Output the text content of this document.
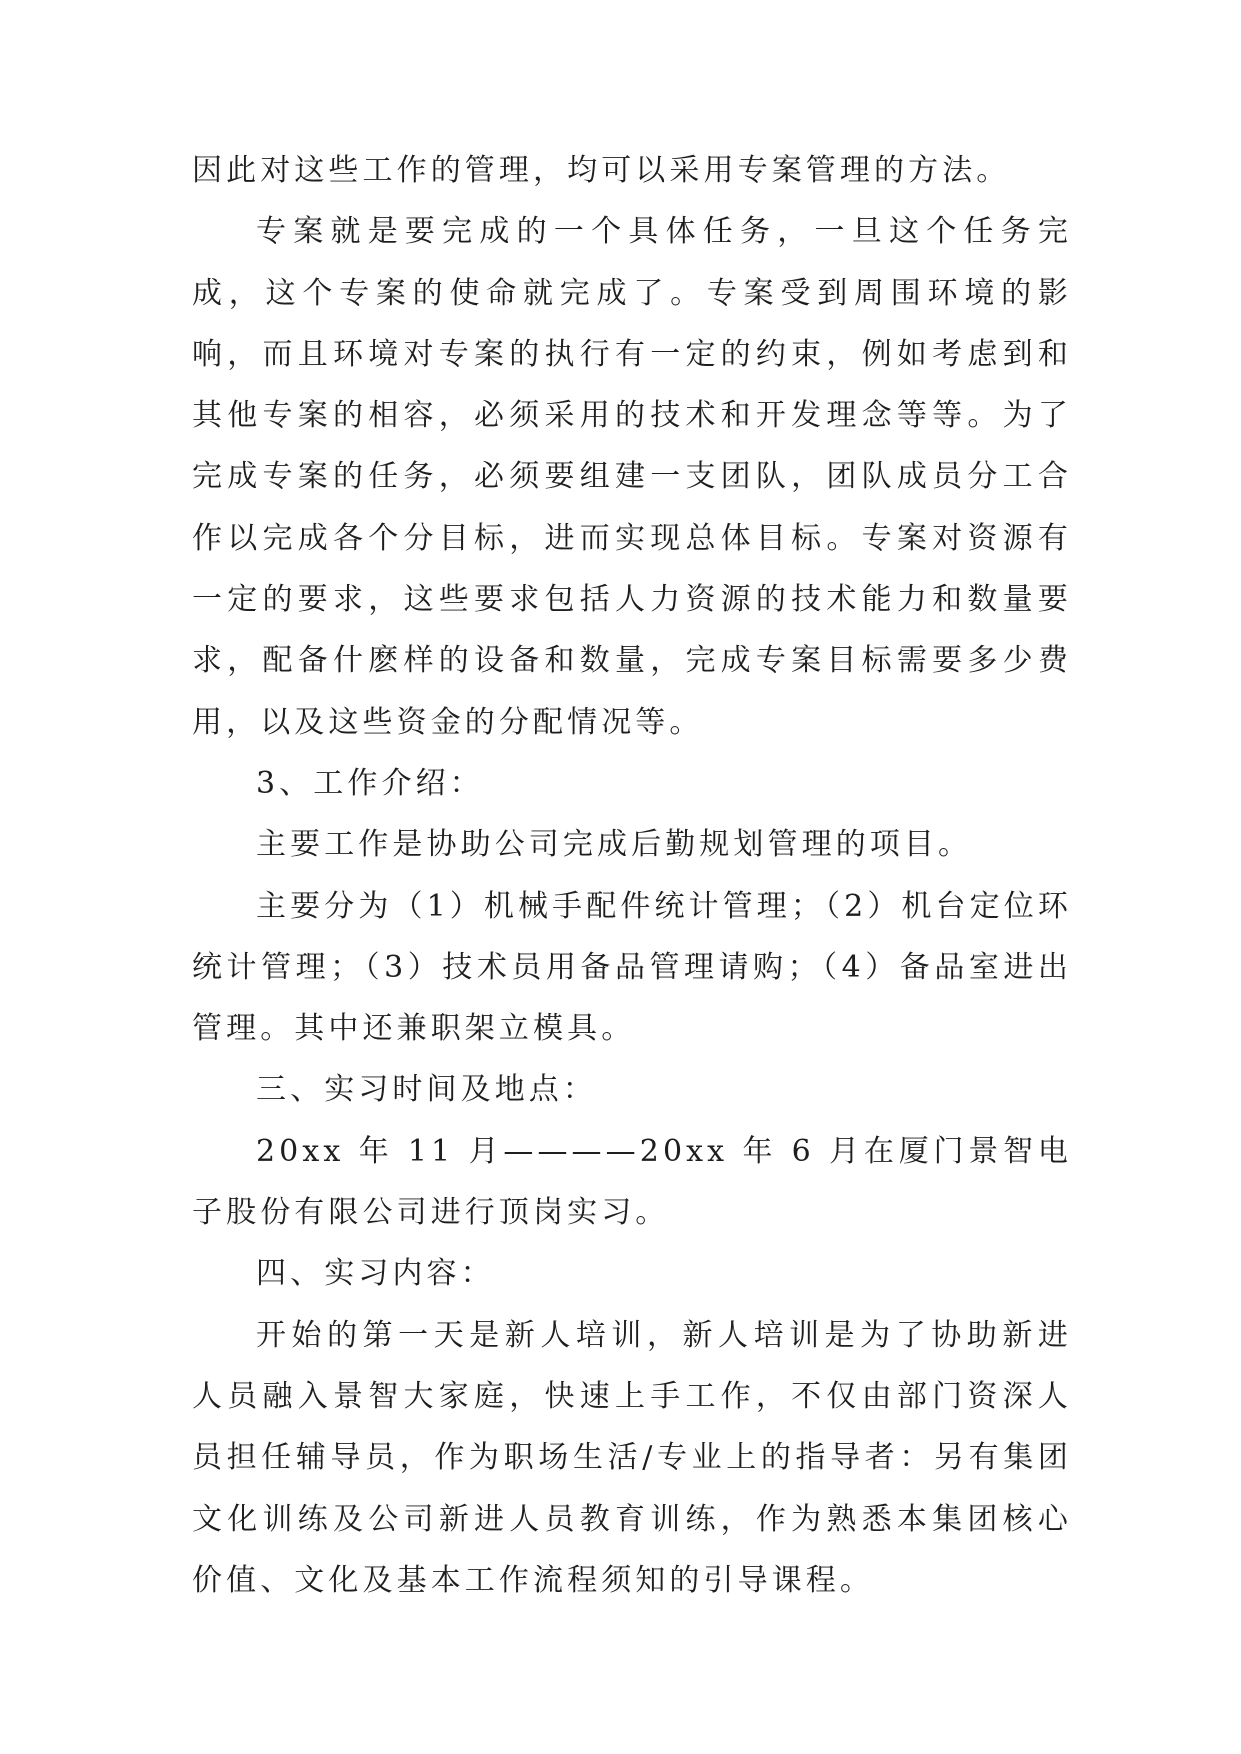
因此对这些工作的管理，均可以采用专案管理的方法。

专案就是要完成的一个具体任务，一旦这个任务完成，这个专案的使命就完成了。专案受到周围环境的影响，而且环境对专案的执行有一定的约束，例如考虑到和其他专案的相容，必须采用的技术和开发理念等等。为了完成专案的任务，必须要组建一支团队，团队成员分工合作以完成各个分目标，进而实现总体目标。专案对资源有一定的要求，这些要求包括人力资源的技术能力和数量要求，配备什麽样的设备和数量，完成专案目标需要多少费用，以及这些资金的分配情况等。

3、工作介绍：

主要工作是协助公司完成后勤规划管理的项目。

主要分为（1）机械手配件统计管理；（2）机台定位环统计管理；（3）技术员用备品管理请购；（4）备品室进出管理。其中还兼职架立模具。

三、实习时间及地点：

20xx 年 11 月————20xx 年 6 月在厦门景智电子股份有限公司进行顶岗实习。

四、实习内容：

开始的第一天是新人培训，新人培训是为了协助新进人员融入景智大家庭，快速上手工作，不仅由部门资深人员担任辅导员，作为职场生活/专业上的指导者：另有集团文化训练及公司新进人员教育训练，作为熟悉本集团核心价值、文化及基本工作流程须知的引导课程。
